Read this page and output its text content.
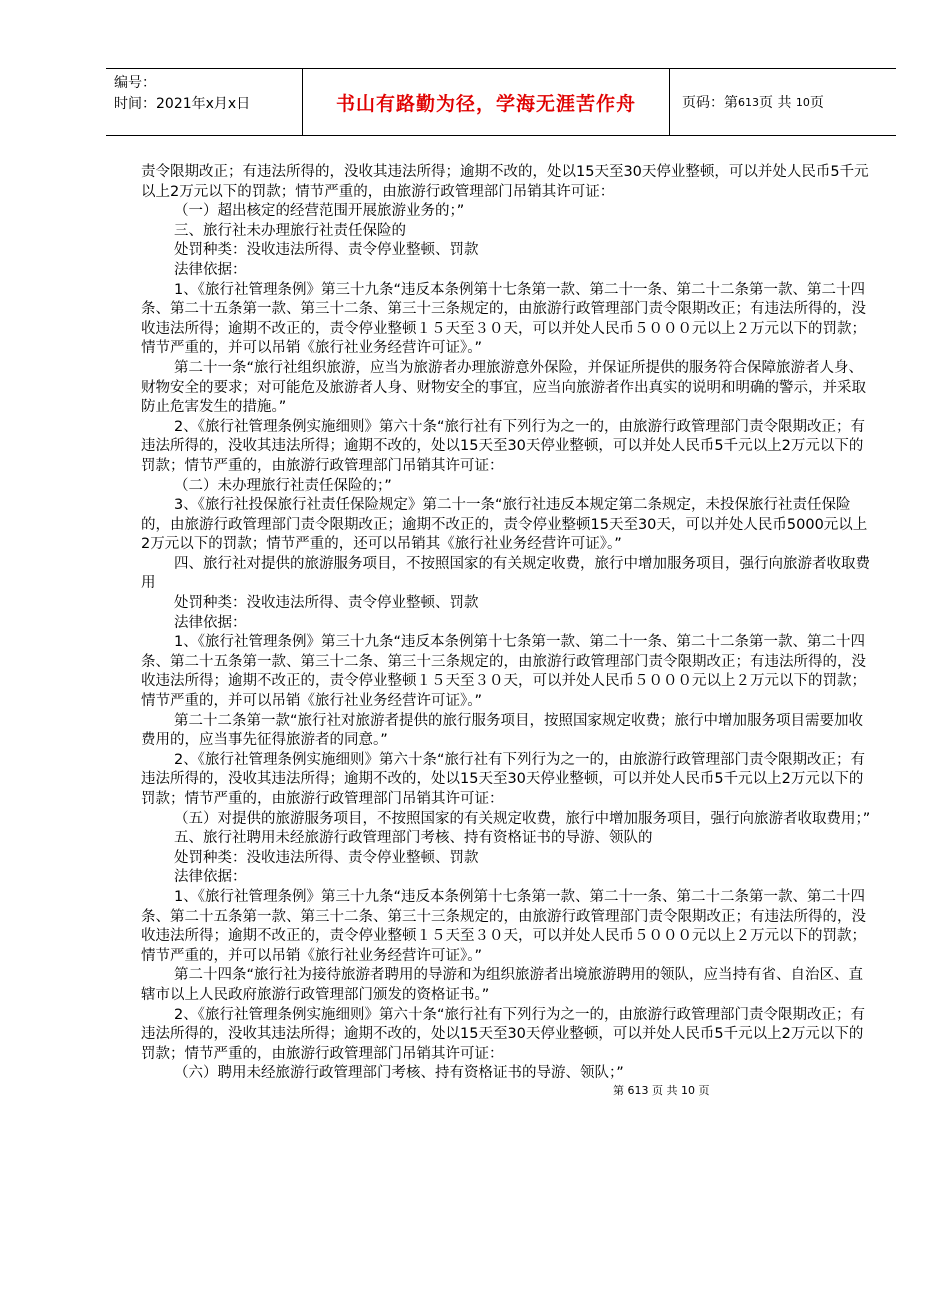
编号：
时间：2021年x月x日	书山有路勤为径，学海无涯苦作舟	页码：第 613 页 共
10 页

责令限期改正；有违法所得的，没收其违法所得；逾期不改的，处以15天至30天停业整顿，可以并处人民币5千元以上2万元以下的罚款；情节严重的，由旅游行政管理部门吊销其许可证：

（一）超出核定的经营范围开展旅游业务的；”

三、旅行社未办理旅行社责任保险的

处罚种类：没收违法所得、责令停业整顿、罚款

法律依据：

1、《旅行社管理条例》第三十九条“违反本条例第十七条第一款、第二十一条、第二十二条第一款、第二十四条、第二十五条第一款、第三十二条、第三十三条规定的，由旅游行政管理部门责令限期改正；有违法所得的，没收违法所得；逾期不改正的，责令停业整顿１５天至３０天，可以并处人民币５０００元以上２万元以下的罚款；情节严重的，并可以吊销《旅行社业务经营许可证》。”

第二十一条“旅行社组织旅游，应当为旅游者办理旅游意外保险，并保证所提供的服务符合保障旅游者人身、财物安全的要求；对可能危及旅游者人身、财物安全的事宜，应当向旅游者作出真实的说明和明确的警示，并采取防止危害发生的措施。”

2、《旅行社管理条例实施细则》第六十条“旅行社有下列行为之一的，由旅游行政管理部门责令限期改正；有违法所得的，没收其违法所得；逾期不改的，处以15天至30天停业整顿，可以并处人民币5千元以上2万元以下的罚款；情节严重的，由旅游行政管理部门吊销其许可证：

（二）未办理旅行社责任保险的；”

3、《旅行社投保旅行社责任保险规定》第二十一条“旅行社违反本规定第二条规定，未投保旅行社责任保险的，由旅游行政管理部门责令限期改正；逾期不改正的，责令停业整顿15天至30天，可以并处人民币5000元以上2万元以下的罚款；情节严重的，还可以吊销其《旅行社业务经营许可证》。”

四、旅行社对提供的旅游服务项目，不按照国家的有关规定收费，旅行中增加服务项目，强行向旅游者收取费用

处罚种类：没收违法所得、责令停业整顿、罚款

法律依据：

1、《旅行社管理条例》第三十九条“违反本条例第十七条第一款、第二十一条、第二十二条第一款、第二十四条、第二十五条第一款、第三十二条、第三十三条规定的，由旅游行政管理部门责令限期改正；有违法所得的，没收违法所得；逾期不改正的，责令停业整顿１５天至３０天，可以并处人民币５０００元以上２万元以下的罚款；情节严重的，并可以吊销《旅行社业务经营许可证》。”

第二十二条第一款“旅行社对旅游者提供的旅行服务项目，按照国家规定收费；旅行中增加服务项目需要加收费用的，应当事先征得旅游者的同意。”

2、《旅行社管理条例实施细则》第六十条“旅行社有下列行为之一的，由旅游行政管理部门责令限期改正；有违法所得的，没收其违法所得；逾期不改的，处以15天至30天停业整顿，可以并处人民币5千元以上2万元以下的罚款；情节严重的，由旅游行政管理部门吊销其许可证：

（五）对提供的旅游服务项目，不按照国家的有关规定收费，旅行中增加服务项目，强行向旅游者收取费用；”

五、旅行社聘用未经旅游行政管理部门考核、持有资格证书的导游、领队的

处罚种类：没收违法所得、责令停业整顿、罚款

法律依据：

1、《旅行社管理条例》第三十九条“违反本条例第十七条第一款、第二十一条、第二十二条第一款、第二十四条、第二十五条第一款、第三十二条、第三十三条规定的，由旅游行政管理部门责令限期改正；有违法所得的，没收违法所得；逾期不改正的，责令停业整顿１５天至３０天，可以并处人民币５０００元以上２万元以下的罚款；情节严重的，并可以吊销《旅行社业务经营许可证》。”

第二十四条“旅行社为接待旅游者聘用的导游和为组织旅游者出境旅游聘用的领队，应当持有省、自治区、直辖市以上人民政府旅游行政管理部门颁发的资格证书。”

2、《旅行社管理条例实施细则》第六十条“旅行社有下列行为之一的，由旅游行政管理部门责令限期改正；有违法所得的，没收其违法所得；逾期不改的，处以15天至30天停业整顿，可以并处人民币5千元以上2万元以下的罚款；情节严重的，由旅游行政管理部门吊销其许可证：

（六）聘用未经旅游行政管理部门考核、持有资格证书的导游、领队；”

第 613 页 共 10 页
